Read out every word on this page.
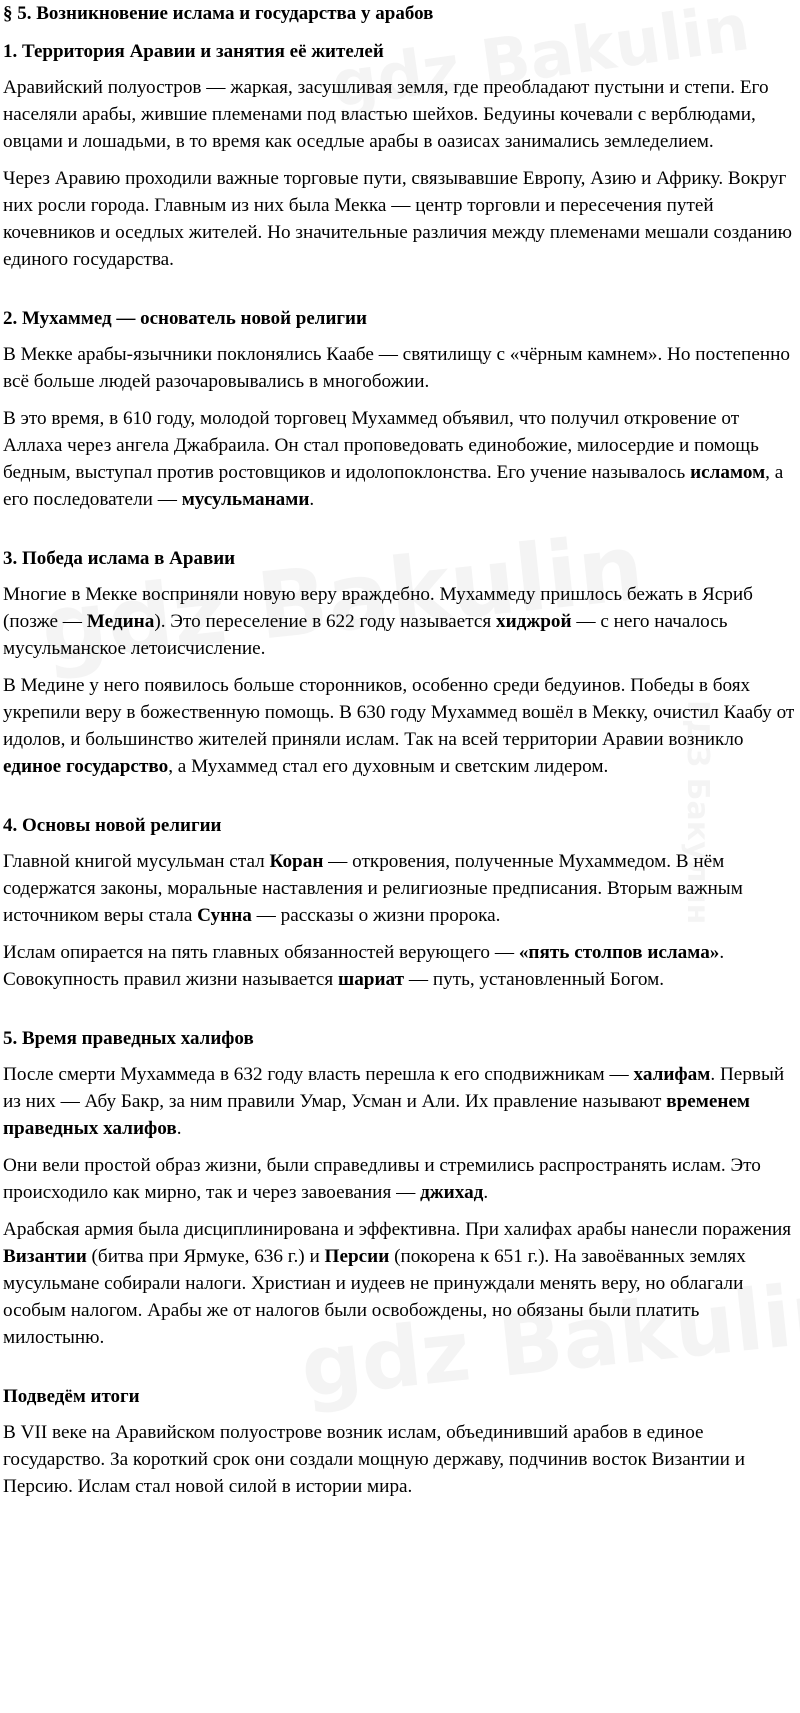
§ 5. Возникновение ислама и государства у арабов
1. Территория Аравии и занятия её жителей

Аравийский полуостров — жаркая, засушливая земля, где преобладают пустыни и степи. Его населяли арабы, жившие племенами под властью шейхов. Бедуины кочевали с верблюдами, овцами и лошадьми, в то время как оседлые арабы в оазисах занимались земледелием.

Через Аравию проходили важные торговые пути, связывавшие Европу, Азию и Африку. Вокруг них росли города. Главным из них была Мекка — центр торговли и пересечения путей кочевников и оседлых жителей. Но значительные различия между племенами мешали созданию единого государства.

2. Мухаммед — основатель новой религии

В Мекке арабы-язычники поклонялись Каабе — святилищу с «чёрным камнем». Но постепенно всё больше людей разочаровывались в многобожии.

В это время, в 610 году, молодой торговец Мухаммед объявил, что получил откровение от Аллаха через ангела Джабраила. Он стал проповедовать единобожие, милосердие и помощь бедным, выступал против ростовщиков и идолопоклонства. Его учение называлось исламом, а его последователи — мусульманами.

3. Победа ислама в Аравии

Многие в Мекке восприняли новую веру враждебно. Мухаммеду пришлось бежать в Ясриб (позже — Медина). Это переселение в 622 году называется хиджрой — с него началось мусульманское летоисчисление.

В Медине у него появилось больше сторонников, особенно среди бедуинов. Победы в боях укрепили веру в божественную помощь. В 630 году Мухаммед вошёл в Мекку, очистил Каабу от идолов, и большинство жителей приняли ислам. Так на всей территории Аравии возникло единое государство, а Мухаммед стал его духовным и светским лидером.

4. Основы новой религии

Главной книгой мусульман стал Коран — откровения, полученные Мухаммедом. В нём содержатся законы, моральные наставления и религиозные предписания. Вторым важным источником веры стала Сунна — рассказы о жизни пророка.

Ислам опирается на пять главных обязанностей верующего — «пять столпов ислама». Совокупность правил жизни называется шариат — путь, установленный Богом.

5. Время праведных халифов

После смерти Мухаммеда в 632 году власть перешла к его сподвижникам — халифам. Первый из них — Абу Бакр, за ним правили Умар, Усман и Али. Их правление называют временем праведных халифов.

Они вели простой образ жизни, были справедливы и стремились распространять ислам. Это происходило как мирно, так и через завоевания — джихад.

Арабская армия была дисциплинирована и эффективна. При халифах арабы нанесли поражения Византии (битва при Ярмуке, 636 г.) и Персии (покорена к 651 г.). На завоёванных землях мусульмане собирали налоги. Христиан и иудеев не принуждали менять веру, но облагали особым налогом. Арабы же от налогов были освобождены, но обязаны были платить милостыню.

Подведём итоги

В VII веке на Аравийском полуострове возник ислам, объединивший арабов в единое государство. За короткий срок они создали мощную державу, подчинив восток Византии и Персию. Ислам стал новой силой в истории мира.
